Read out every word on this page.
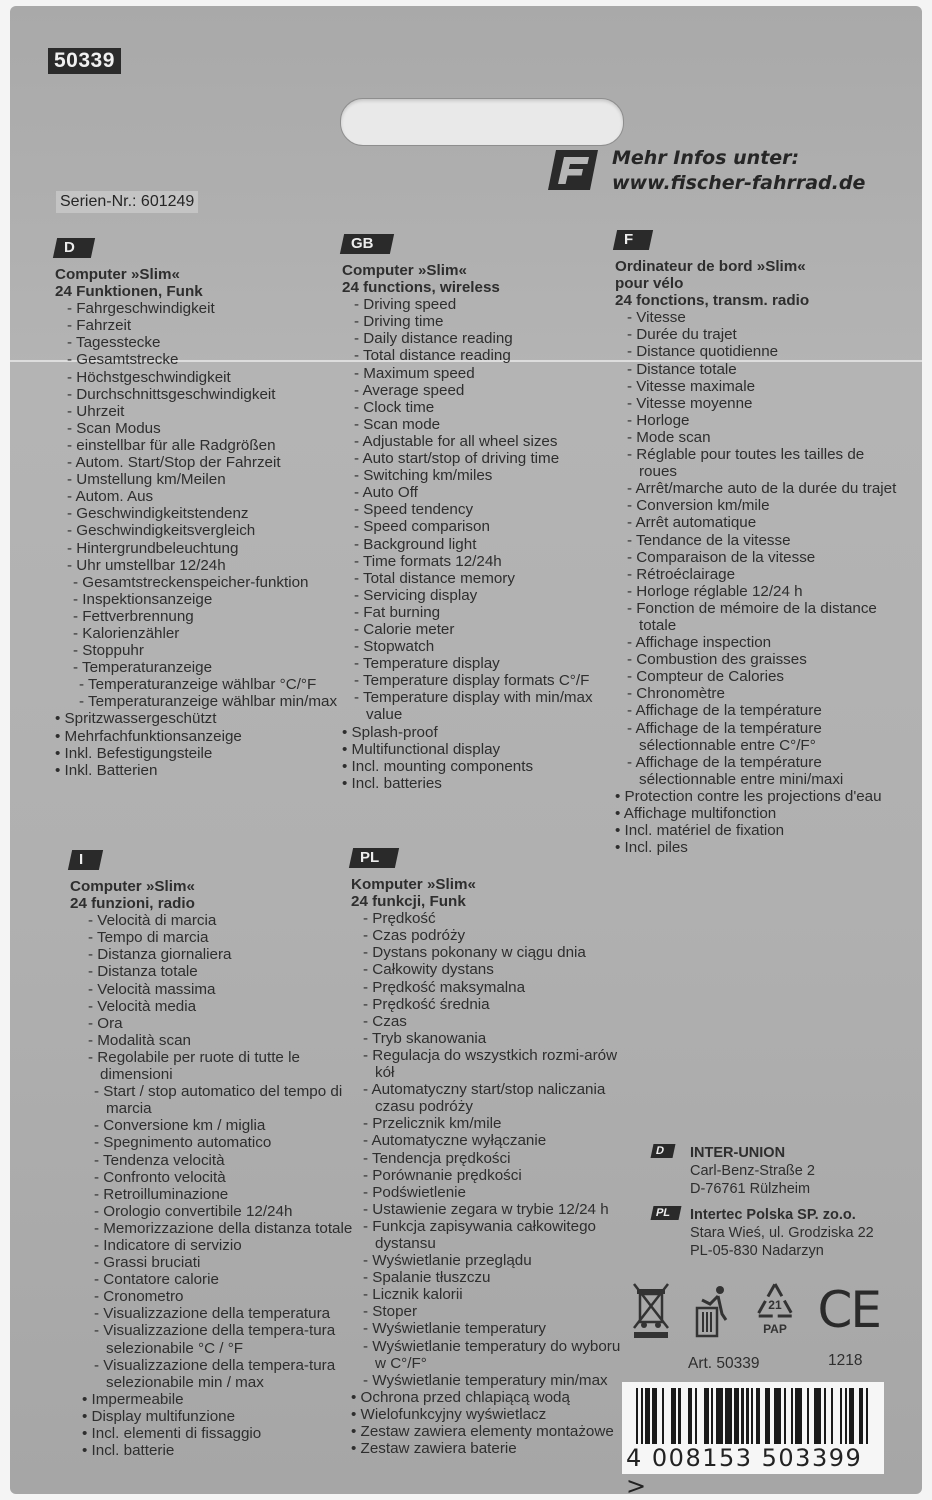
50339
Mehr Infos unter:
www.fischer-fahrrad.de
Serien-Nr.: 601249
D
Computer »Slim«
24 Funktionen, Funk
- Fahrgeschwindigkeit
- Fahrzeit
- Tagesstecke
- Gesamtstrecke
- Höchstgeschwindigkeit
- Durchschnittsgeschwindigkeit
- Uhrzeit
- Scan Modus
- einstellbar für alle Radgrößen
- Autom. Start/Stop der Fahrzeit
- Umstellung km/Meilen
- Autom. Aus
- Geschwindigkeitstendenz
- Geschwindigkeitsvergleich
- Hintergrundbeleuchtung
- Uhr umstellbar 12/24h
- Gesamtstreckenspeicher-funktion
- Inspektionsanzeige
- Fettverbrennung
- Kalorienzähler
- Stoppuhr
- Temperaturanzeige
- Temperaturanzeige wählbar °C/°F
- Temperaturanzeige wählbar min/max
• Spritzwassergeschützt
• Mehrfachfunktionsanzeige
• Inkl. Befestigungsteile
• Inkl. Batterien
GB
Computer »Slim«
24 functions, wireless
- Driving speed
- Driving time
- Daily distance reading
- Total distance reading
- Maximum speed
- Average speed
- Clock time
- Scan mode
- Adjustable for all wheel sizes
- Auto start/stop of driving time
- Switching km/miles
- Auto Off
- Speed tendency
- Speed comparison
- Background light
- Time formats 12/24h
- Total distance memory
- Servicing display
- Fat burning
- Calorie meter
- Stopwatch
- Temperature display
- Temperature display formats C°/F
- Temperature display with min/max value
• Splash-proof
• Multifunctional display
• Incl. mounting components
• Incl. batteries
F
Ordinateur de bord »Slim«
pour vélo
24 fonctions, transm. radio
- Vitesse
- Durée du trajet
- Distance quotidienne
- Distance totale
- Vitesse maximale
- Vitesse moyenne
- Horloge
- Mode scan
- Réglable pour toutes les tailles de roues
- Arrêt/marche auto de la durée du trajet
- Conversion km/mile
- Arrêt automatique
- Tendance de la vitesse
- Comparaison de la vitesse
- Rétroéclairage
- Horloge réglable 12/24 h
- Fonction de mémoire de la distance totale
- Affichage inspection
- Combustion des graisses
- Compteur de Calories
- Chronomètre
- Affichage de la température
- Affichage de la température sélectionnable entre C°/F°
- Affichage de la température sélectionnable entre mini/maxi
• Protection contre les projections d'eau
• Affichage multifonction
• Incl. matériel de fixation
• Incl. piles
I
Computer »Slim«
24 funzioni, radio
- Velocità di marcia
- Tempo di marcia
- Distanza giornaliera
- Distanza totale
- Velocità massima
- Velocità media
- Ora
- Modalità scan
- Regolabile per ruote di tutte le dimensioni
- Start / stop automatico del tempo di marcia
- Conversione km / miglia
- Spegnimento automatico
- Tendenza velocità
- Confronto velocità
- Retroilluminazione
- Orologio convertibile 12/24h
- Memorizzazione della distanza totale
- Indicatore di servizio
- Grassi bruciati
- Contatore calorie
- Cronometro
- Visualizzazione della temperatura
- Visualizzazione della tempera-tura selezionabile °C / °F
- Visualizzazione della tempera-tura selezionabile min / max
• Impermeabile
• Display multifunzione
• Incl. elementi di fissaggio
• Incl. batterie
PL
Komputer »Slim«
24 funkcji, Funk
- Prędkość
- Czas podróży
- Dystans pokonany w ciągu dnia
- Całkowity dystans
- Prędkość maksymalna
- Prędkość średnia
- Czas
- Tryb skanowania
- Regulacja do wszystkich rozmi-arów kół
- Automatyczny start/stop naliczania czasu podróży
- Przelicznik km/mile
- Automatyczne wyłączanie
- Tendencja prędkości
- Porównanie prędkości
- Podświetlenie
- Ustawienie zegara w trybie 12/24 h
- Funkcja zapisywania całkowitego dystansu
- Wyświetlanie przeglądu
- Spalanie tłuszczu
- Licznik kalorii
- Stoper
- Wyświetlanie temperatury
- Wyświetlanie temperatury do wyboru w C°/F°
- Wyświetlanie temperatury min/max
• Ochrona przed chlapiącą wodą
• Wielofunkcyjny wyświetlacz
• Zestaw zawiera elementy montażowe
• Zestaw zawiera baterie
D	INTER-UNION
Carl-Benz-Straße 2
D-76761 Rülzheim
PL	Intertec Polska SP. zo.o.
Stara Wieś, ul. Grodziska 22
PL-05-830 Nadarzyn
21
PAP CE
Art. 50339	1218
4 008153 503399 >
